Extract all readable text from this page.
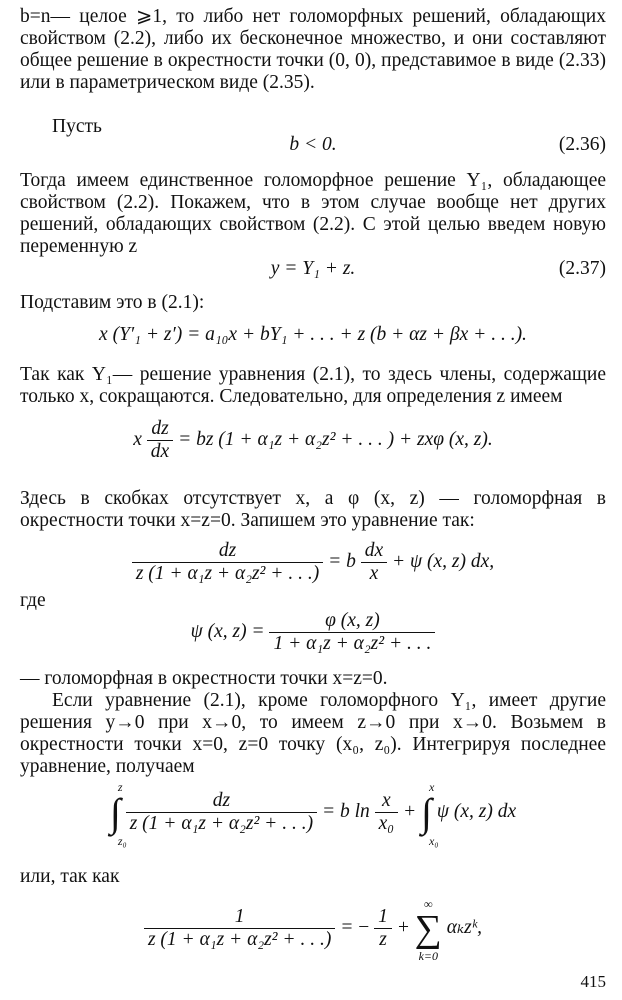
b=n— целое ⩾1, то либо нет голоморфных решений, обладающих свойством (2.2), либо их бесконечное множество, и они составляют общее решение в окрестности точки (0, 0), представимое в виде (2.33) или в параметрическом виде (2.35).

Пусть

b < 0.	(2.36)

Тогда имеем единственное голоморфное решение Y₁, обладающее свойством (2.2). Покажем, что в этом случае вообще нет других решений, обладающих свойством (2.2). С этой целью введем новую переменную z

y = Y₁ + z.	(2.37)

Подставим это в (2.1):

x (Y′₁ + z′) = a₁₀x + bY₁ + . . . + z (b + αz + βx + . . .).

Так как Y₁— решение уравнения (2.1), то здесь члены, содержащие только x, сокращаются. Следовательно, для определения z имеем

x $\frac{dz}{dx}$ = bz (1 + α₁z + α₂z² + . . . ) + zxφ (x, z).

Здесь в скобках отсутствует x, а φ (x, z) — голоморфная в окрестности точки x=z=0. Запишем это уравнение так:

$\frac{dz}{\text{z (1 + α₁z + α₂z² + . . .)}} = b \frac{dx}{x} + \psi$ (x, z) dx,

где

ψ (x, $z) = \frac{\varphi (x, z)}{\text{1 + α₁z + α₂z² + . . .}}$

— голоморфная в окрестности точки x=z=0.

Если уравнение (2.1), кроме голоморфного Y₁, имеет другие решения y→0 при x→0, то имеем z→0 при x→0. Возьмем в окрестности точки x=0, z=0 точку (x₀, z₀). Интегрируя последнее уравнение, получаем

∫
z
z₀

$\frac{dz}{\text{z (1 + α₁z + α₂z² + . . .)}} = b$ $\ln \frac{x}{\text{x₀}}$ + ∫
x
x₀
ψ (x, z) dx

или, так как

$\frac{1}{\text{z (1 + α₁z + α₂z² + . . .)}}$ = − $\frac{1}{z}$ + ∑
∞
k=0
αₖzᵏ,
415
